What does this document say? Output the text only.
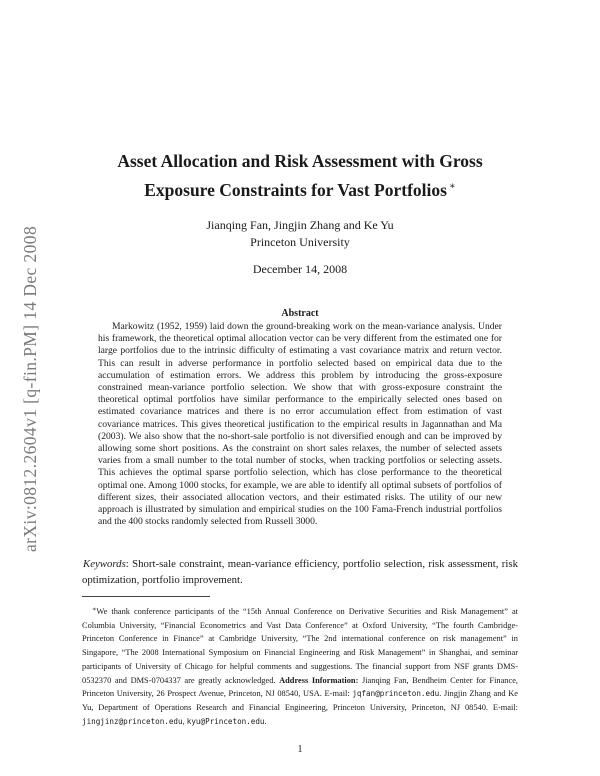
arXiv:0812.2604v1 [q-fin.PM] 14 Dec 2008
Asset Allocation and Risk Assessment with Gross
Exposure Constraints for Vast Portfolios ∗
Jianqing Fan, Jingjin Zhang and Ke Yu
Princeton University
December 14, 2008
Abstract
Markowitz (1952, 1959) laid down the ground-breaking work on the mean-variance analysis. Under his framework, the theoretical optimal allocation vector can be very different from the estimated one for large portfolios due to the intrinsic difficulty of estimating a vast covariance matrix and return vector. This can result in adverse performance in portfolio selected based on empirical data due to the accumulation of estimation errors. We address this problem by introducing the gross-exposure constrained mean-variance portfolio selection. We show that with gross-exposure constraint the theoretical optimal portfolios have similar performance to the empirically selected ones based on estimated covariance matrices and there is no error accumulation effect from estimation of vast covariance matrices. This gives theoretical justification to the empirical results in Jagannathan and Ma (2003). We also show that the no-short-sale portfolio is not diversified enough and can be improved by allowing some short positions. As the constraint on short sales relaxes, the number of selected assets varies from a small number to the total number of stocks, when tracking portfolios or selecting assets. This achieves the optimal sparse portfolio selection, which has close performance to the theoretical optimal one. Among 1000 stocks, for example, we are able to identify all optimal subsets of portfolios of different sizes, their associated allocation vectors, and their estimated risks. The utility of our new approach is illustrated by simulation and empirical studies on the 100 Fama-French industrial portfolios and the 400 stocks randomly selected from Russell 3000.
Keywords: Short-sale constraint, mean-variance efficiency, portfolio selection, risk assessment, risk optimization, portfolio improvement.
∗We thank conference participants of the “15th Annual Conference on Derivative Securities and Risk Management” at Columbia University, “Financial Econometrics and Vast Data Conference” at Oxford University, “The fourth Cambridge-Princeton Conference in Finance” at Cambridge University, “The 2nd international conference on risk management” in Singapore, “The 2008 International Symposium on Financial Engineering and Risk Management” in Shanghai, and seminar participants of University of Chicago for helpful comments and suggestions. The financial support from NSF grants DMS-0532370 and DMS-0704337 are greatly acknowledged. Address Information: Jianqing Fan, Bendheim Center for Finance, Princeton University, 26 Prospect Avenue, Princeton, NJ 08540, USA. E-mail: jqfan@princeton.edu. Jingjin Zhang and Ke Yu, Department of Operations Research and Financial Engineering, Princeton University, Princeton, NJ 08540. E-mail: jingjinz@princeton.edu, kyu@Princeton.edu.
1
